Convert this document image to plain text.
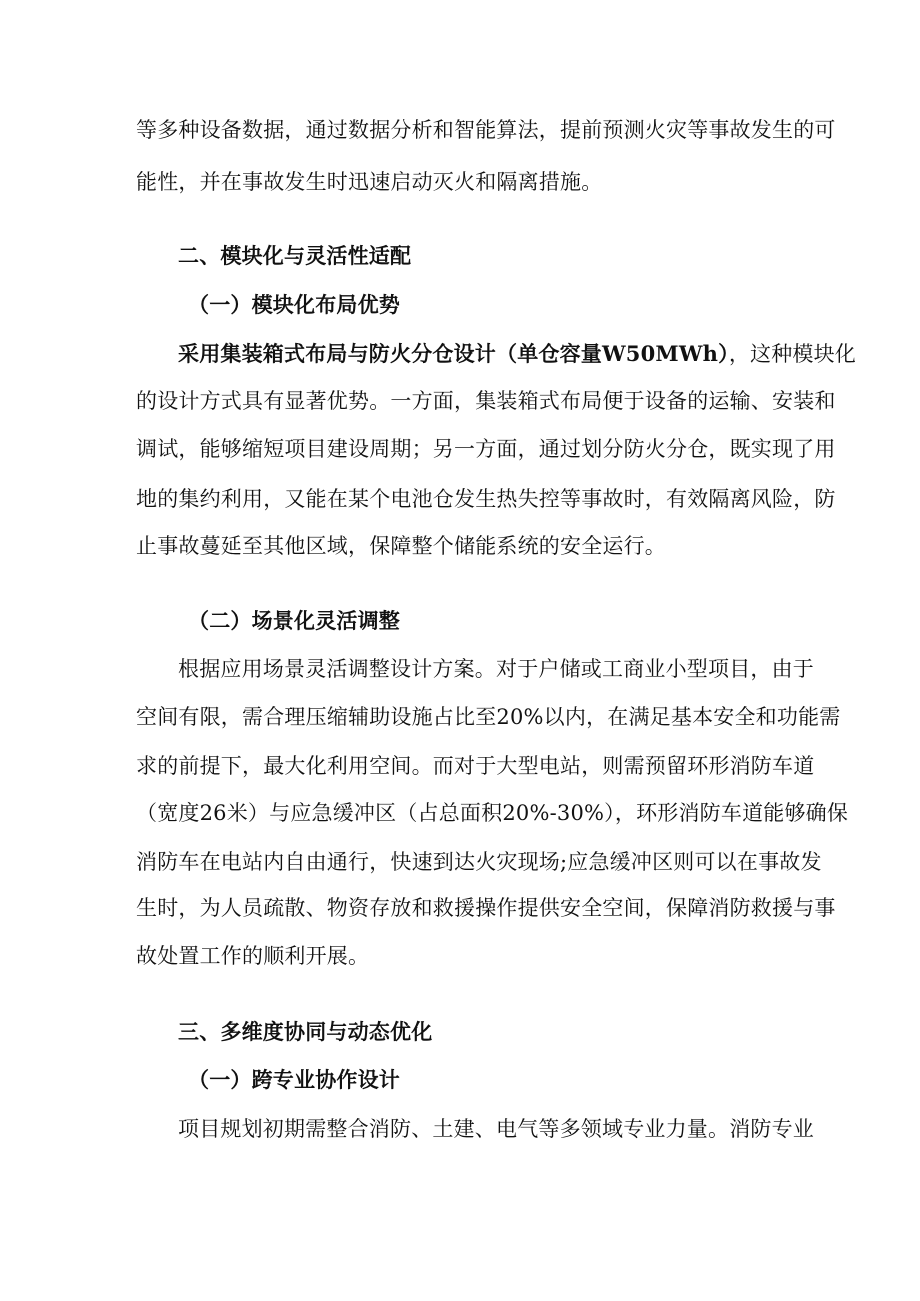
等多种设备数据，通过数据分析和智能算法，提前预测火灾等事故发生的可
能性，并在事故发生时迅速启动灭火和隔离措施。
二、模块化与灵活性适配
（一）模块化布局优势
采用集装箱式布局与防火分仓设计（单仓容量W50MWh），这种模块化
的设计方式具有显著优势。一方面，集装箱式布局便于设备的运输、安装和
调试，能够缩短项目建设周期；另一方面，通过划分防火分仓，既实现了用
地的集约利用，又能在某个电池仓发生热失控等事故时，有效隔离风险，防
止事故蔓延至其他区域，保障整个储能系统的安全运行。
（二）场景化灵活调整
根据应用场景灵活调整设计方案。对于户储或工商业小型项目，由于
空间有限，需合理压缩辅助设施占比至20%以内，在满足基本安全和功能需
求的前提下，最大化利用空间。而对于大型电站，则需预留环形消防车道
（宽度26米）与应急缓冲区（占总面积20%-30%），环形消防车道能够确保
消防车在电站内自由通行，快速到达火灾现场;应急缓冲区则可以在事故发
生时，为人员疏散、物资存放和救援操作提供安全空间，保障消防救援与事
故处置工作的顺利开展。
三、多维度协同与动态优化
（一）跨专业协作设计
项目规划初期需整合消防、土建、电气等多领域专业力量。消防专业
